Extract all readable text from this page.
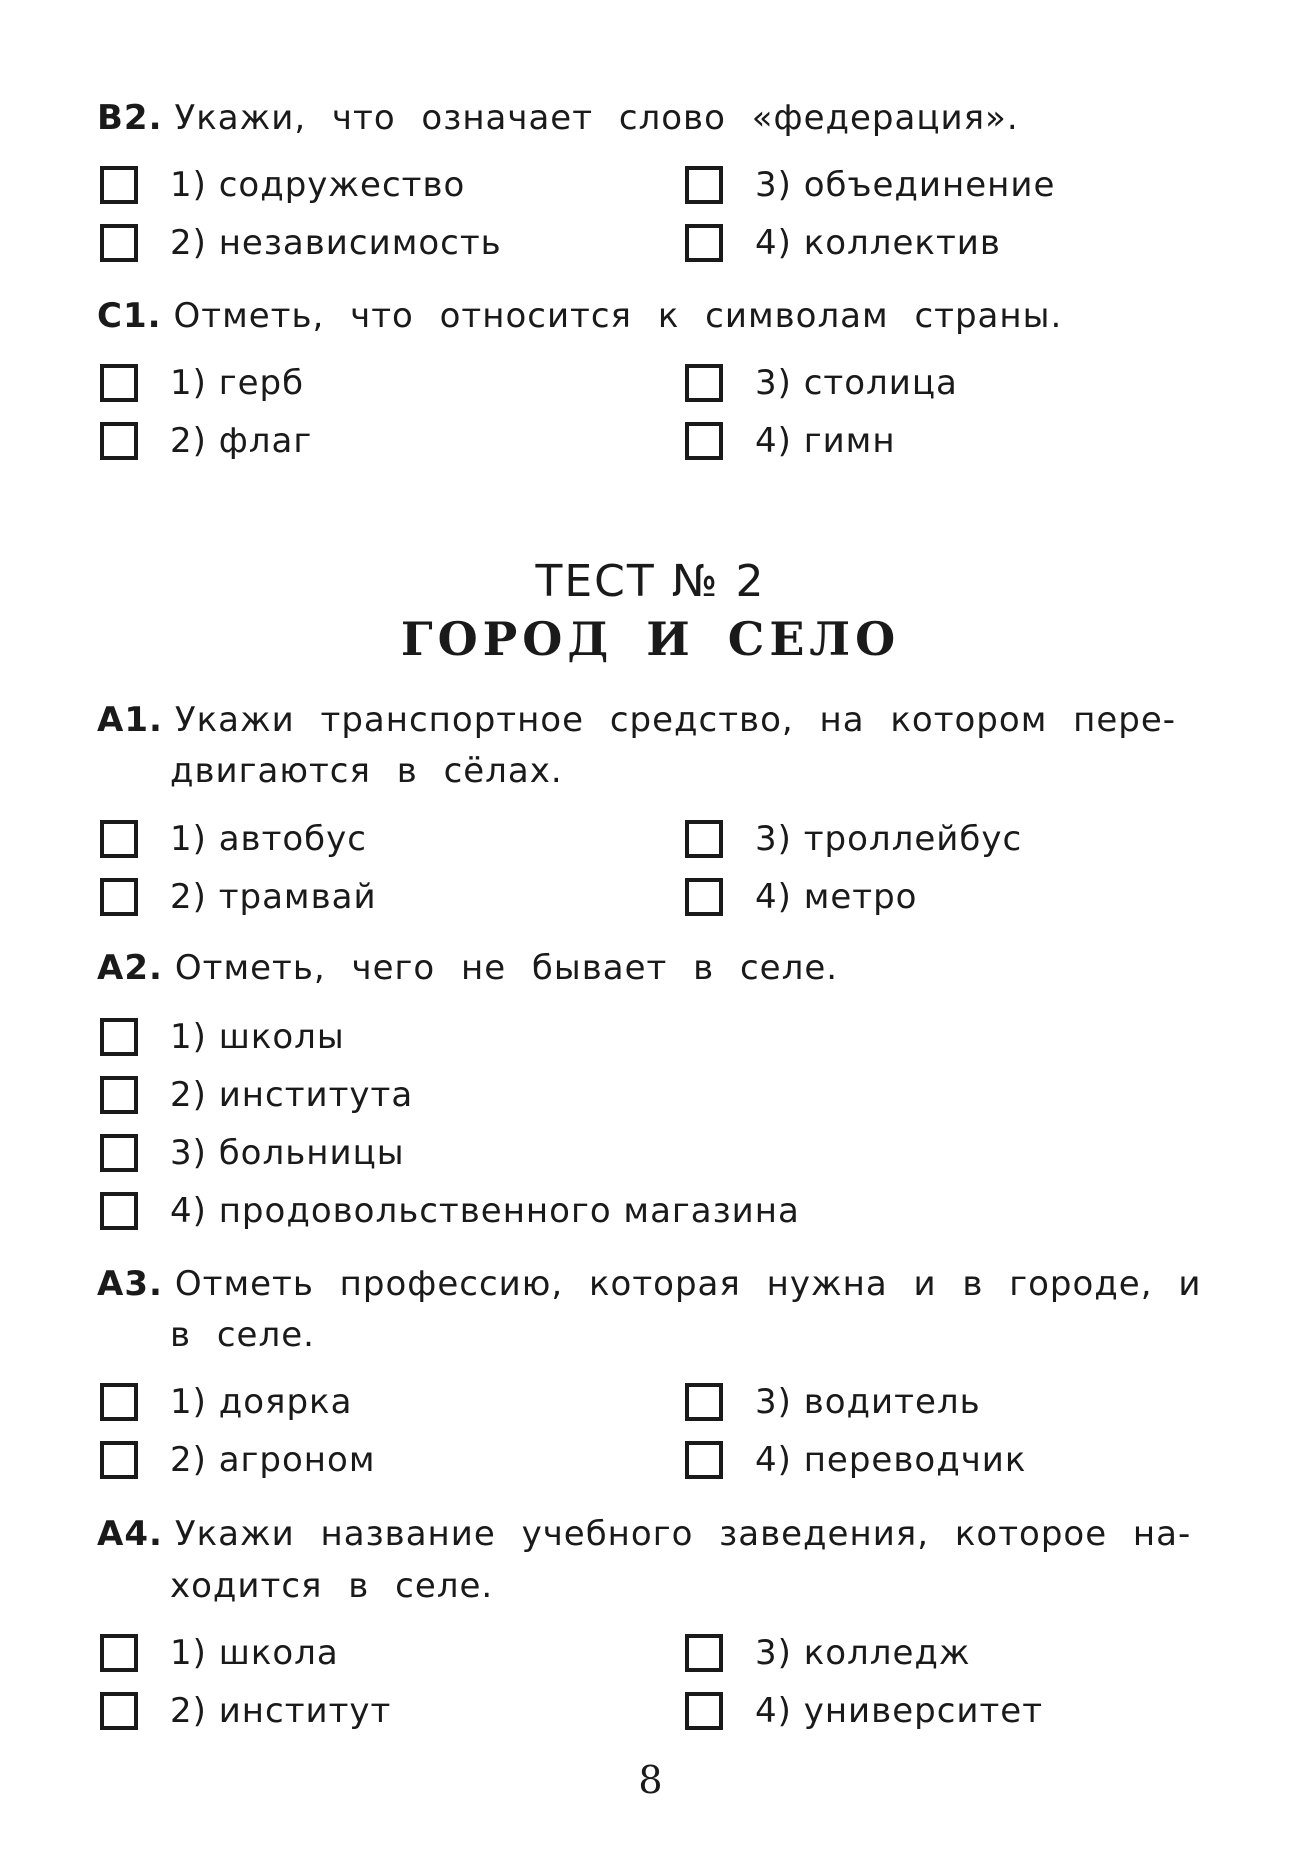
B2. Укажи, что означает слово «федерация».
1) содружество
2) независимость
3) объединение
4) коллектив
C1. Отметь, что относится к символам страны.
1) герб
2) флаг
3) столица
4) гимн
ТЕСТ № 2
ГОРОД И СЕЛО
A1. Укажи транспортное средство, на котором пере-
двигаются в сёлах.
1) автобус
2) трамвай
3) троллейбус
4) метро
A2. Отметь, чего не бывает в селе.
1) школы
2) института
3) больницы
4) продовольственного магазина
A3. Отметь профессию, которая нужна и в городе, и
в селе.
1) доярка
2) агроном
3) водитель
4) переводчик
A4. Укажи название учебного заведения, которое на-
ходится в селе.
1) школа
2) институт
3) колледж
4) университет
8
